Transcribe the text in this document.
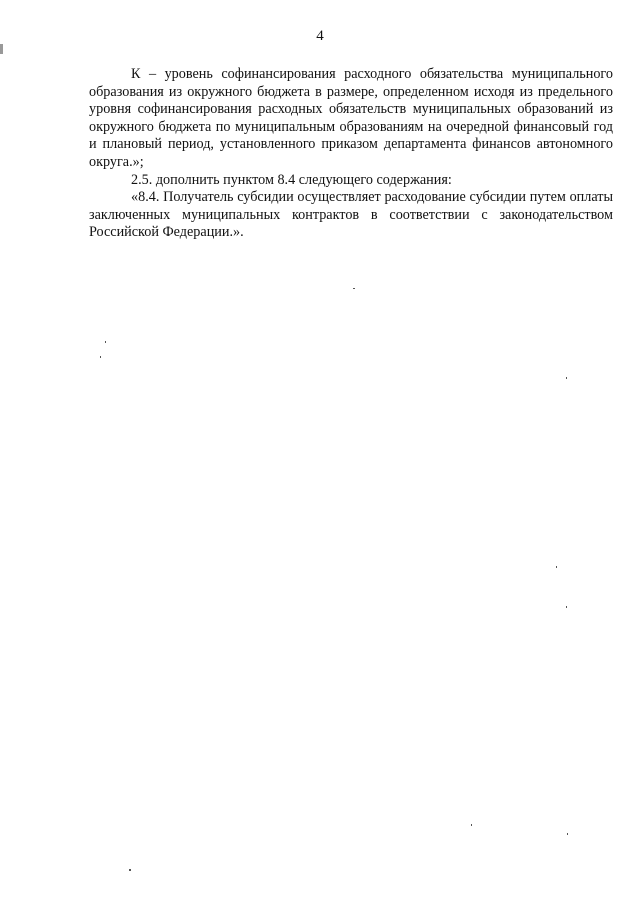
4

К – уровень софинансирования расходного обязательства муниципального образования из окружного бюджета в размере, определенном исходя из предельного уровня софинансирования расходных обязательств муниципальных образований из окружного бюджета по муниципальным образованиям на очередной финансовый год и плановый период, установленного приказом департамента финансов автономного округа.»;

2.5. дополнить пунктом 8.4 следующего содержания:

«8.4. Получатель субсидии осуществляет расходование субсидии путем оплаты заключенных муниципальных контрактов в соответствии с законодательством Российской Федерации.».
